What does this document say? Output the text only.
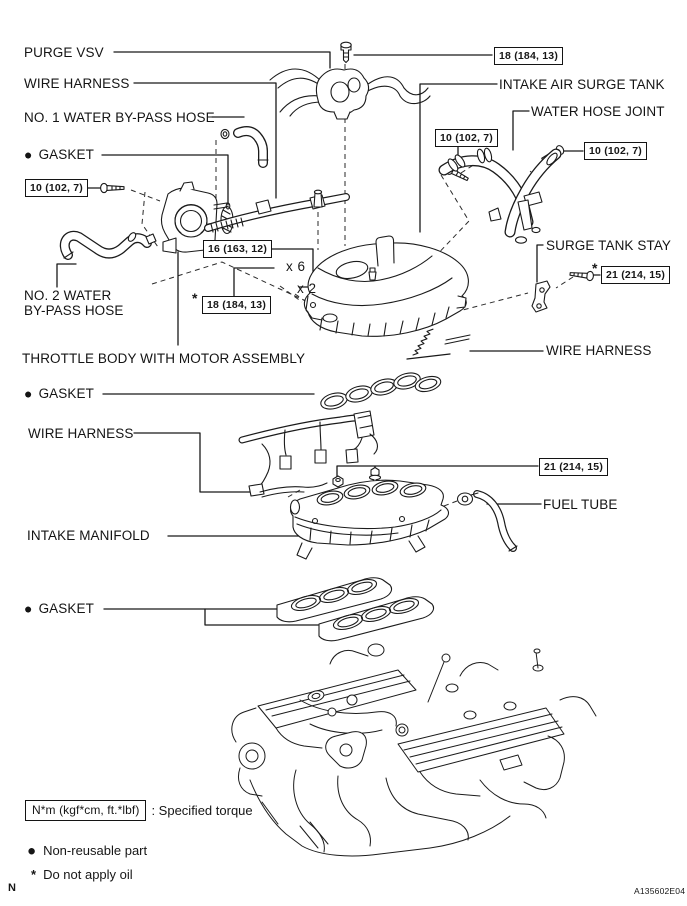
PURGE VSV
WIRE HARNESS
NO. 1 WATER BY-PASS HOSE
● GASKET
INTAKE AIR SURGE TANK
WATER HOSE JOINT
SURGE TANK STAY
WIRE HARNESS
NO. 2 WATER
BY-PASS HOSE
THROTTLE BODY WITH MOTOR ASSEMBLY
● GASKET
WIRE HARNESS
FUEL TUBE
INTAKE MANIFOLD
● GASKET
18 (184, 13)
10 (102, 7)
10 (102, 7)
10 (102, 7)
16 (163, 12)
* 18 (184, 13)
* 21 (214, 15)
21 (214, 15)
x 6
x 2
N*m (kgf*cm, ft.*lbf) : Specified torque
● Non-reusable part
* Do not apply oil
N	A135602E04
